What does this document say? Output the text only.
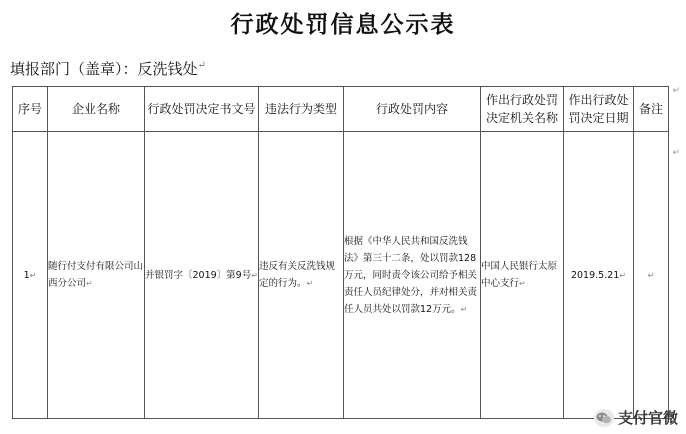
行政处罚信息公示表
填报部门（盖章）：反洗钱处↵
↵
序号	企业名称	行政处罚决定书文号	违法行为类型	行政处罚内容	作出行政处罚决定机关名称	作出行政处罚决定日期	备注
1↵	随行付支付有限公司山西分公司↵	并银罚字〔2019〕第9号↵	违反有关反洗钱规定的行为。↵	根据《中华人民共和国反洗钱法》第三十二条，处以罚款128万元，同时责令该公司给予相关责任人员纪律处分，并对相关责任人员共处以罚款12万元。↵	中国人民银行太原中心支行↵	2019.5.21↵	↵
↵
支付官微
